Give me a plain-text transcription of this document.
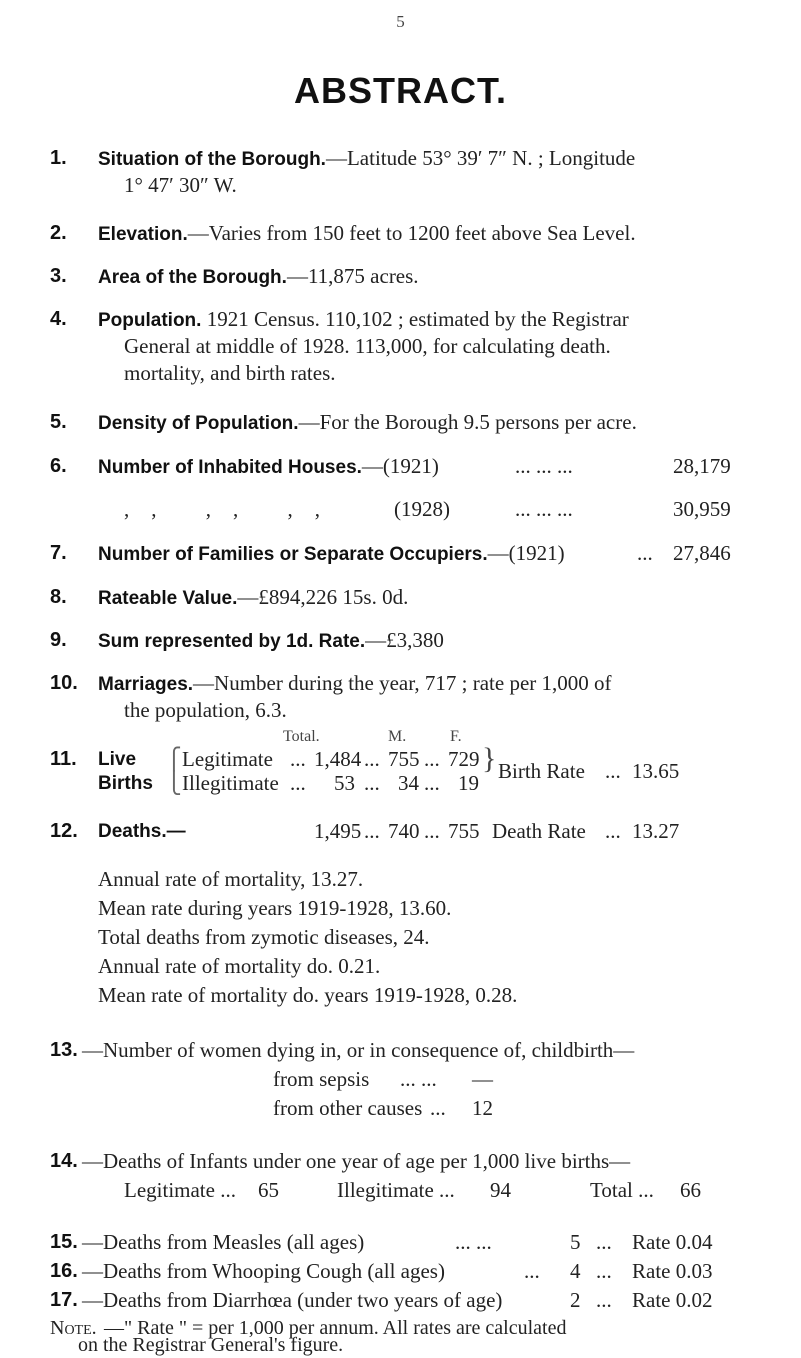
5
ABSTRACT.
1. Situation of the Borough.—Latitude 53° 39′ 7″ N. ; Longitude
1° 47′ 30″ W.
2. Elevation.—Varies from 150 feet to 1200 feet above Sea Level.
3. Area of the Borough.—11,875 acres.
4. Population. 1921 Census. 110,102 ; estimated by the Registrar
General at middle of 1928. 113,000, for calculating death.
mortality, and birth rates.
5. Density of Population.—For the Borough 9.5 persons per acre.
6. Number of Inhabited Houses.—(1921)	... ... ...	28,179
,, ,, ,, (1928)	... ... ...	30,959
7. Number of Families or Separate Occupiers.—(1921)	... 27,846
8. Rateable Value.—£894,226 15s. 0d.
9. Sum represented by 1d. Rate.—£3,380
10. Marriages.—Number during the year, 717 ; rate per 1,000 of
the population, 6.3.
Total.	M.	F.
11. Live ⎧ Legitimate ... 1,484 ... 755 ... 729
Births ⎩ Illegitimate ... 53 ... 34 ... 19
} Birth Rate ... 13.65
12. Deaths.—	1,495 ... 740 ... 755 Death Rate ... 13.27
Annual rate of mortality, 13.27.
Mean rate during years 1919-1928, 13.60.
Total deaths from zymotic diseases, 24.
Annual rate of mortality do. 0.21.
Mean rate of mortality do. years 1919-1928, 0.28.
13. —Number of women dying in, or in consequence of, childbirth—
from sepsis ... ... —
from other causes ... 12
14. —Deaths of Infants under one year of age per 1,000 live births—
Legitimate ... 65	Illegitimate ... 94	Total ... 66
15. —Deaths from Measles (all ages)	... ...	5 ... Rate 0.04
16. —Deaths from Whooping Cough (all ages)	... 4 ... Rate 0.03
17. —Deaths from Diarrhœa (under two years of age)	2 ... Rate 0.02
Note. —" Rate " = per 1,000 per annum. All rates are calculated
on the Registrar General's figure.
